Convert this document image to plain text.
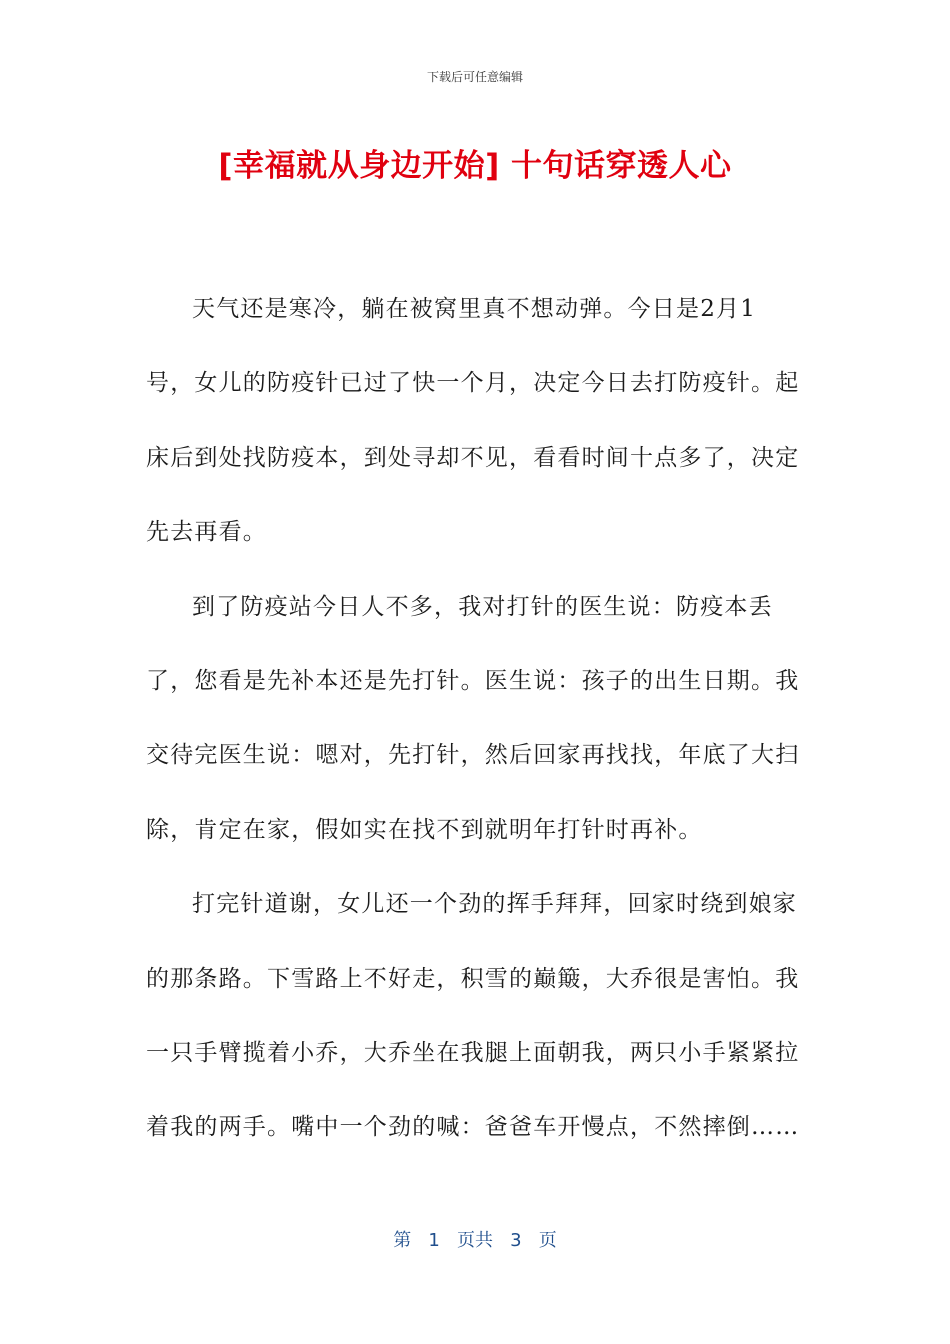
下载后可任意编辑
[幸福就从身边开始] 十句话穿透人心

天气还是寒冷，躺在被窝里真不想动弹。今日是2月1号，女儿的防疫针已过了快一个月，决定今日去打防疫针。起床后到处找防疫本，到处寻却不见，看看时间十点多了，决定先去再看。

到了防疫站今日人不多，我对打针的医生说：防疫本丢了，您看是先补本还是先打针。医生说：孩子的出生日期。我交待完医生说：嗯对，先打针，然后回家再找找，年底了大扫除，肯定在家，假如实在找不到就明年打针时再补。

打完针道谢，女儿还一个劲的挥手拜拜，回家时绕到娘家的那条路。下雪路上不好走，积雪的巅簸，大乔很是害怕。我一只手臂揽着小乔，大乔坐在我腿上面朝我，两只小手紧紧拉着我的两手。嘴中一个劲的喊：爸爸车开慢点，不然摔倒……

第 1 页共 3 页
